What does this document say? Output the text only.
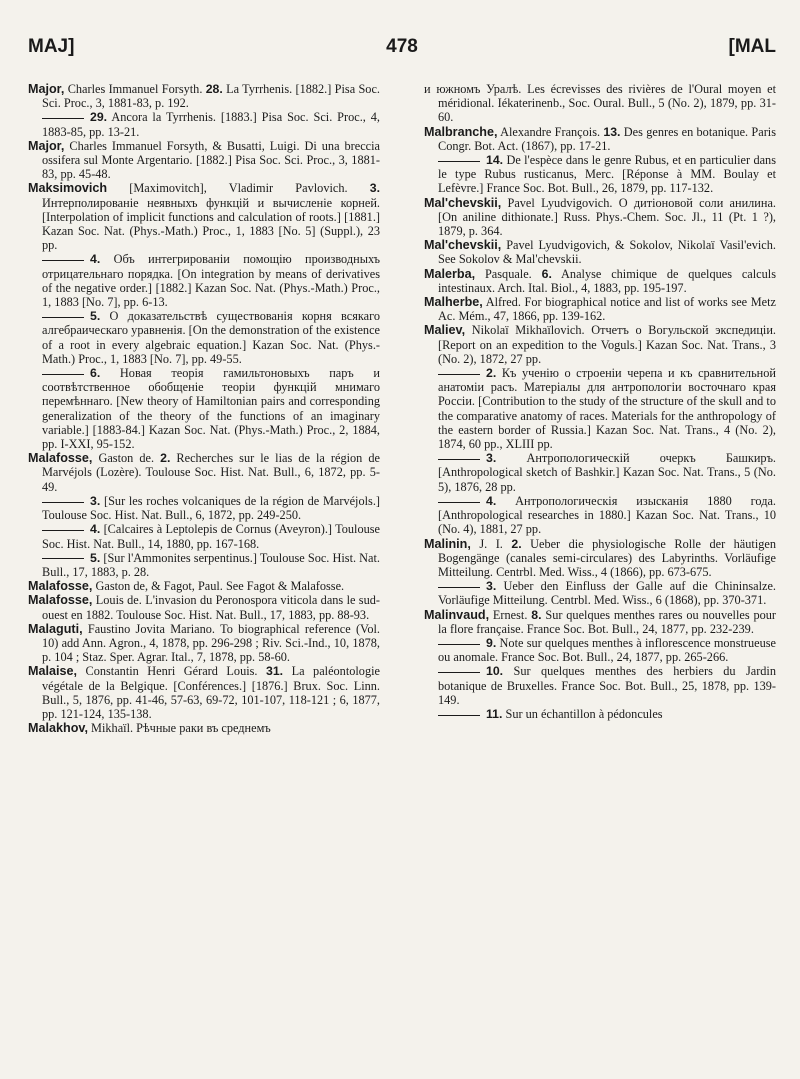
MAJ]	478	[MAL

Major, Charles Immanuel Forsyth. 28. La Tyrrhenis. [1882.] Pisa Soc. Sci. Proc., 3, 1881-83, p. 192.

29. Ancora la Tyrrhenis. [1883.] Pisa Soc. Sci. Proc., 4, 1883-85, pp. 13-21.

Major, Charles Immanuel Forsyth, & Busatti, Luigi. Di una breccia ossifera sul Monte Argentario. [1882.] Pisa Soc. Sci. Proc., 3, 1881-83, pp. 45-48.

Maksimovich [Maximovitch], Vladimir Pavlovich. 3. Интерполированіе неявныхъ функцій и вычисленіе корней. [Interpolation of implicit functions and calculation of roots.] [1881.] Kazan Soc. Nat. (Phys.-Math.) Proc., 1, 1883 [No. 5] (Suppl.), 23 pp.

4. Объ интегрированіи помощію производныхъ отрицательнаго порядка. [On integration by means of derivatives of the negative order.] [1882.] Kazan Soc. Nat. (Phys.-Math.) Proc., 1, 1883 [No. 7], pp. 6-13.

5. О доказательствѣ существованія корня всякаго алгебраическаго уравненія. [On the demonstration of the existence of a root in every algebraic equation.] Kazan Soc. Nat. (Phys.-Math.) Proc., 1, 1883 [No. 7], pp. 49-55.

6. Новая теорія гамильтоновыхъ паръ и соотвѣтственное обобщеніе теоріи функцій мнимаго перемѣннаго. [New theory of Hamiltonian pairs and corresponding generalization of the theory of the functions of an imaginary variable.] [1883-84.] Kazan Soc. Nat. (Phys.-Math.) Proc., 2, 1884, pp. I-XXI, 95-152.

Malafosse, Gaston de. 2. Recherches sur le lias de la région de Marvéjols (Lozère). Toulouse Soc. Hist. Nat. Bull., 6, 1872, pp. 5-49.

3. [Sur les roches volcaniques de la région de Marvéjols.] Toulouse Soc. Hist. Nat. Bull., 6, 1872, pp. 249-250.

4. [Calcaires à Leptolepis de Cornus (Aveyron).] Toulouse Soc. Hist. Nat. Bull., 14, 1880, pp. 167-168.

5. [Sur l'Ammonites serpentinus.] Toulouse Soc. Hist. Nat. Bull., 17, 1883, p. 28.

Malafosse, Gaston de, & Fagot, Paul. See Fagot & Malafosse.

Malafosse, Louis de. L'invasion du Peronospora viticola dans le sud-ouest en 1882. Toulouse Soc. Hist. Nat. Bull., 17, 1883, pp. 88-93.

Malaguti, Faustino Jovita Mariano. To biographical reference (Vol. 10) add Ann. Agron., 4, 1878, pp. 296-298 ; Riv. Sci.-Ind., 10, 1878, p. 104 ; Staz. Sper. Agrar. Ital., 7, 1878, pp. 58-60.

Malaise, Constantin Henri Gérard Louis. 31. La paléontologie végétale de la Belgique. [Conférences.] [1876.] Brux. Soc. Linn. Bull., 5, 1876, pp. 41-46, 57-63, 69-72, 101-107, 118-121 ; 6, 1877, pp. 121-124, 135-138.

Malakhov, Mikhaïl. Рѣчные раки въ среднемъ

и южномъ Уралѣ. Les écrevisses des rivières de l'Oural moyen et méridional. Iékaterinenb., Soc. Oural. Bull., 5 (No. 2), 1879, pp. 31-60.

Malbranche, Alexandre François. 13. Des genres en botanique. Paris Congr. Bot. Act. (1867), pp. 17-21.

14. De l'espèce dans le genre Rubus, et en particulier dans le type Rubus rusticanus, Merc. [Réponse à MM. Boulay et Lefèvre.] France Soc. Bot. Bull., 26, 1879, pp. 117-132.

Mal'chevskii, Pavel Lyudvigovich. О дитіоновой соли анилина. [On aniline dithionate.] Russ. Phys.-Chem. Soc. Jl., 11 (Pt. 1 ?), 1879, p. 364.

Mal'chevskii, Pavel Lyudvigovich, & Sokolov, Nikolaï Vasil'evich. See Sokolov & Mal'chevskii.

Malerba, Pasquale. 6. Analyse chimique de quelques calculs intestinaux. Arch. Ital. Biol., 4, 1883, pp. 195-197.

Malherbe, Alfred. For biographical notice and list of works see Metz Ac. Mém., 47, 1866, pp. 139-162.

Maliev, Nikolaï Mikhaïlovich. Отчетъ о Вогульской экспедиціи. [Report on an expedition to the Voguls.] Kazan Soc. Nat. Trans., 3 (No. 2), 1872, 27 pp.

2. Къ ученію о строеніи черепа и къ сравнительной анатоміи расъ. Матеріалы для антропологіи восточнаго края Россіи. [Contribution to the study of the structure of the skull and to the comparative anatomy of races. Materials for the anthropology of the eastern border of Russia.] Kazan Soc. Nat. Trans., 4 (No. 2), 1874, 60 pp., XLIII pp.

3. Антропологическій очеркъ Башкиръ. [Anthropological sketch of Bashkir.] Kazan Soc. Nat. Trans., 5 (No. 5), 1876, 28 pp.

4. Антропологическія изысканія 1880 года. [Anthropological researches in 1880.] Kazan Soc. Nat. Trans., 10 (No. 4), 1881, 27 pp.

Malinin, J. I. 2. Ueber die physiologische Rolle der häutigen Bogengänge (canales semi-circulares) des Labyrinths. Vorläufige Mitteilung. Centrbl. Med. Wiss., 4 (1866), pp. 673-675.

3. Ueber den Einfluss der Galle auf die Chininsalze. Vorläufige Mitteilung. Centrbl. Med. Wiss., 6 (1868), pp. 370-371.

Malinvaud, Ernest. 8. Sur quelques menthes rares ou nouvelles pour la flore française. France Soc. Bot. Bull., 24, 1877, pp. 232-239.

9. Note sur quelques menthes à inflorescence monstrueuse ou anomale. France Soc. Bot. Bull., 24, 1877, pp. 265-266.

10. Sur quelques menthes des herbiers du Jardin botanique de Bruxelles. France Soc. Bot. Bull., 25, 1878, pp. 139-149.

11. Sur un échantillon à pédoncules
